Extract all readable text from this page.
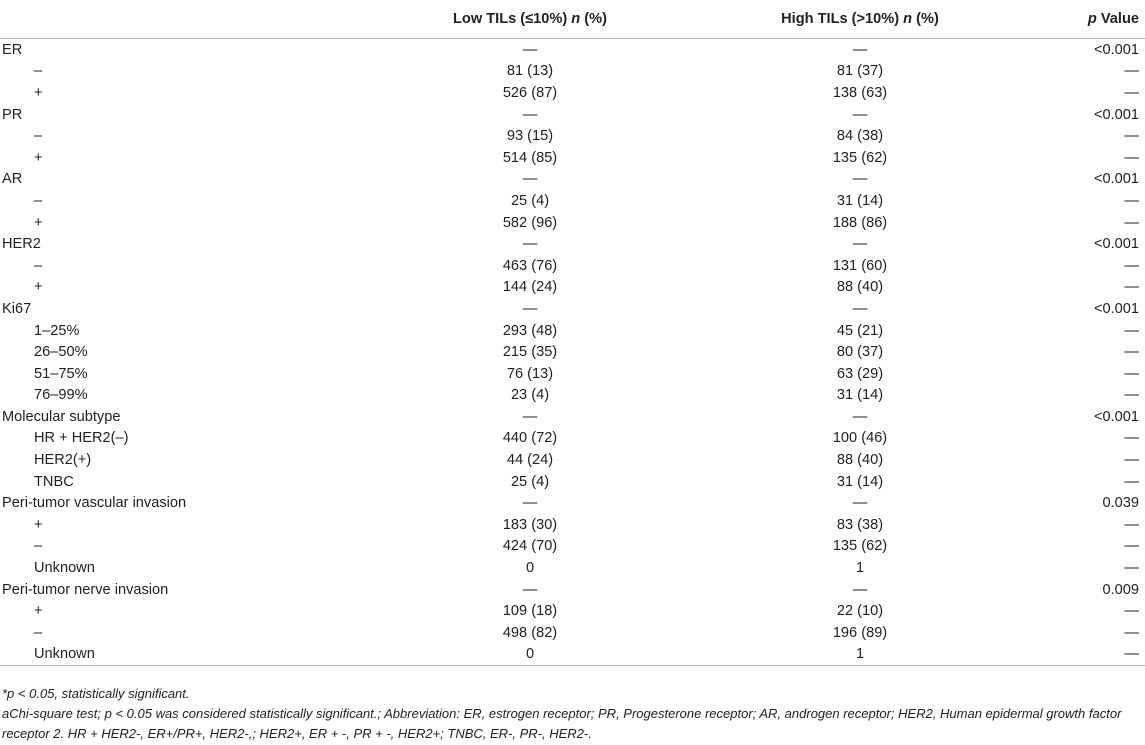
	Low TILs (≤10%) n (%)	High TILs (>10%) n (%)	p Value
ER	—	—	<0.001
–	81 (13)	81 (37)	—
+	526 (87)	138 (63)	—
PR	—	—	<0.001
–	93 (15)	84 (38)	—
+	514 (85)	135 (62)	—
AR	—	—	<0.001
–	25 (4)	31 (14)	—
+	582 (96)	188 (86)	—
HER2	—	—	<0.001
–	463 (76)	131 (60)	—
+	144 (24)	88 (40)	—
Ki67	—	—	<0.001
1–25%	293 (48)	45 (21)	—
26–50%	215 (35)	80 (37)	—
51–75%	76 (13)	63 (29)	—
76–99%	23 (4)	31 (14)	—
Molecular subtype	—	—	<0.001
HR + HER2(–)	440 (72)	100 (46)	—
HER2(+)	44 (24)	88 (40)	—
TNBC	25 (4)	31 (14)	—
Peri-tumor vascular invasion	—	—	0.039
+	183 (30)	83 (38)	—
–	424 (70)	135 (62)	—
Unknown	0	1	—
Peri-tumor nerve invasion	—	—	0.009
+	109 (18)	22 (10)	—
–	498 (82)	196 (89)	—
Unknown	0	1	—

*p < 0.05, statistically significant.

aChi-square test; p < 0.05 was considered statistically significant.; Abbreviation: ER, estrogen receptor; PR, Progesterone receptor; AR, androgen receptor; HER2, Human epidermal growth factor receptor 2. HR + HER2-, ER+/PR+, HER2-,; HER2+, ER + -, PR + -, HER2+; TNBC, ER-, PR-, HER2-.
